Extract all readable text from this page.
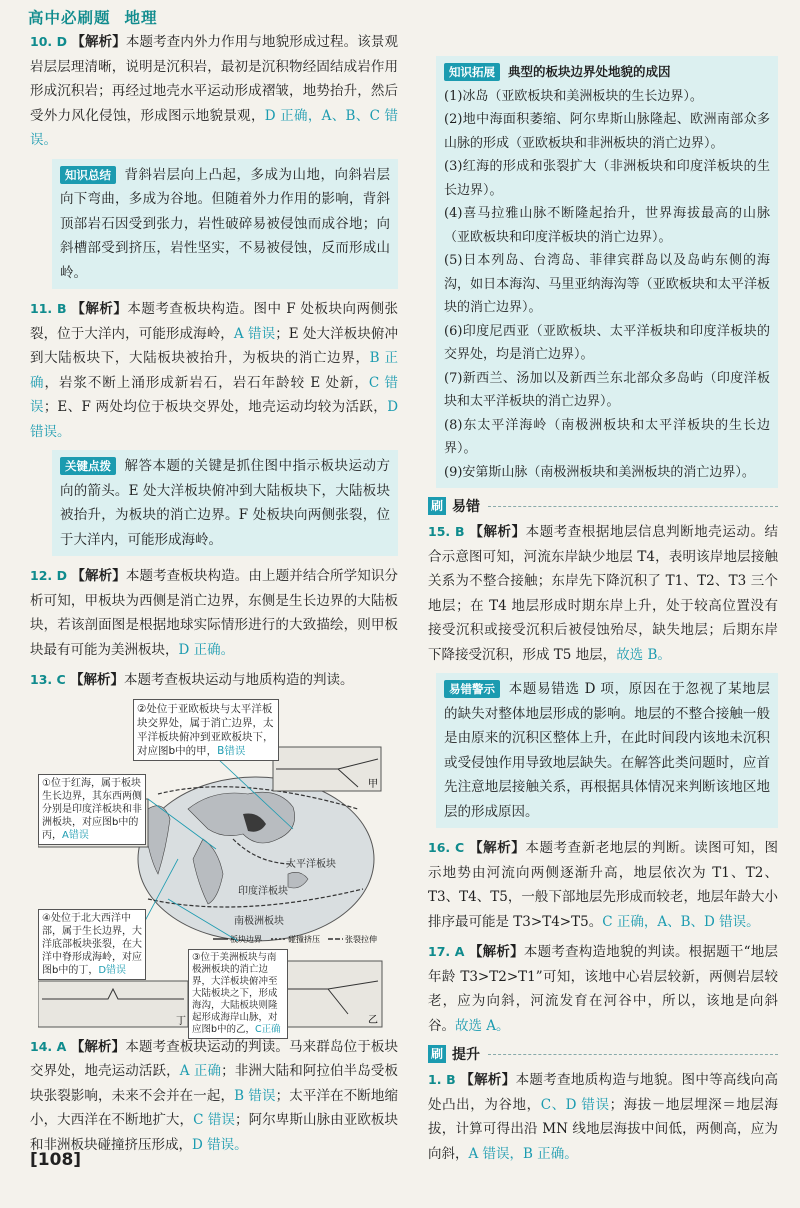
高中必刷题 地理

10. D 【解析】本题考查内外力作用与地貌形成过程。该景观岩层层理清晰，说明是沉积岩，最初是沉积物经固结成岩作用形成沉积岩；再经过地壳水平运动形成褶皱，地势抬升，然后受外力风化侵蚀，形成图示地貌景观，D 正确，A、B、C 错误。

知识总结 背斜岩层向上凸起，多成为山地，向斜岩层向下弯曲，多成为谷地。但随着外力作用的影响，背斜顶部岩石因受到张力，岩性破碎易被侵蚀而成谷地；向斜槽部受到挤压，岩性坚实，不易被侵蚀，反而形成山岭。

11. B 【解析】本题考查板块构造。图中 F 处板块向两侧张裂，位于大洋内，可能形成海岭，A 错误；E 处大洋板块俯冲到大陆板块下，大陆板块被抬升，为板块的消亡边界，B 正确，岩浆不断上涌形成新岩石，岩石年龄较 E 处新，C 错误；E、F 两处均位于板块交界处，地壳运动均较为活跃，D 错误。

关键点拨 解答本题的关键是抓住图中指示板块运动方向的箭头。E 处大洋板块俯冲到大陆板块下，大陆板块被抬升，为板块的消亡边界。F 处板块向两侧张裂，位于大洋内，可能形成海岭。

12. D 【解析】本题考查板块构造。由上题并结合所学知识分析可知，甲板块为西侧是消亡边界，东侧是生长边界的大陆板块，若该剖面图是根据地球实际情形进行的大致描绘，则甲板块最有可能为美洲板块，D 正确。

13. C 【解析】本题考查板块运动与地质构造的判读。

太平洋板块
印度洋板块
南极洲板块
板块边界	碰撞挤压	张裂拉伸
甲
丁	乙
②处位于亚欧板块与太平洋板块交界处，属于消亡边界，太平洋板块俯冲到亚欧板块下，对应图b中的甲，B错误
①位于红海，属于板块生长边界，其东西两侧分别是印度洋板块和非洲板块，对应图b中的丙，A错误
④处位于北大西洋中部，属于生长边界，大洋底部板块张裂，在大洋中脊形成海岭，对应图b中的丁，D错误
③位于美洲板块与南极洲板块的消亡边界，大洋板块俯冲至大陆板块之下，形成海沟，大陆板块则隆起形成海岸山脉，对应图b中的乙，C正确

14. A 【解析】本题考查板块运动的判读。马来群岛位于板块交界处，地壳运动活跃，A 正确；非洲大陆和阿拉伯半岛受板块张裂影响，未来不会并在一起，B 错误；太平洋在不断地缩小，大西洋在不断地扩大，C 错误；阿尔卑斯山脉由亚欧板块和非洲板块碰撞挤压形成，D 错误。

知识拓展 典型的板块边界处地貌的成因

(1)冰岛（亚欧板块和美洲板块的生长边界）。

(2)地中海面积萎缩、阿尔卑斯山脉隆起、欧洲南部众多山脉的形成（亚欧板块和非洲板块的消亡边界）。

(3)红海的形成和张裂扩大（非洲板块和印度洋板块的生长边界）。

(4)喜马拉雅山脉不断隆起抬升，世界海拔最高的山脉（亚欧板块和印度洋板块的消亡边界）。

(5)日本列岛、台湾岛、菲律宾群岛以及岛屿东侧的海沟，如日本海沟、马里亚纳海沟等（亚欧板块和太平洋板块的消亡边界）。

(6)印度尼西亚（亚欧板块、太平洋板块和印度洋板块的交界处，均是消亡边界）。

(7)新西兰、汤加以及新西兰东北部众多岛屿（印度洋板块和太平洋板块的消亡边界）。

(8)东太平洋海岭（南极洲板块和太平洋板块的生长边界）。

(9)安第斯山脉（南极洲板块和美洲板块的消亡边界）。

刷 易错

15. B 【解析】本题考查根据地层信息判断地壳运动。结合示意图可知，河流东岸缺少地层 T4，表明该岸地层接触关系为不整合接触；东岸先下降沉积了 T1、T2、T3 三个地层；在 T4 地层形成时期东岸上升，处于较高位置没有接受沉积或接受沉积后被侵蚀殆尽，缺失地层；后期东岸下降接受沉积，形成 T5 地层，故选 B。

易错警示 本题易错选 D 项，原因在于忽视了某地层的缺失对整体地层形成的影响。地层的不整合接触一般是由原来的沉积区整体上升，在此时间段内该地未沉积或受侵蚀作用导致地层缺失。在解答此类问题时，应首先注意地层接触关系，再根据具体情况来判断该地区地层的形成原因。

16. C 【解析】本题考查新老地层的判断。读图可知，图示地势由河流向两侧逐渐升高，地层依次为 T1、T2、T3、T4、T5，一般下部地层先形成而较老，地层年龄大小排序最可能是 T3>T4>T5。C 正确，A、B、D 错误。

17. A 【解析】本题考查构造地貌的判读。根据题干“地层年龄 T3>T2>T1”可知，该地中心岩层较新，两侧岩层较老，应为向斜，河流发育在河谷中，所以，该地是向斜谷。故选 A。

刷 提升

1. B 【解析】本题考查地质构造与地貌。图中等高线向高处凸出，为谷地，C、D 错误；海拔－地层埋深＝地层海拔，计算可得出沿 MN 线地层海拔中间低，两侧高，应为向斜，A 错误，B 正确。

[108]
